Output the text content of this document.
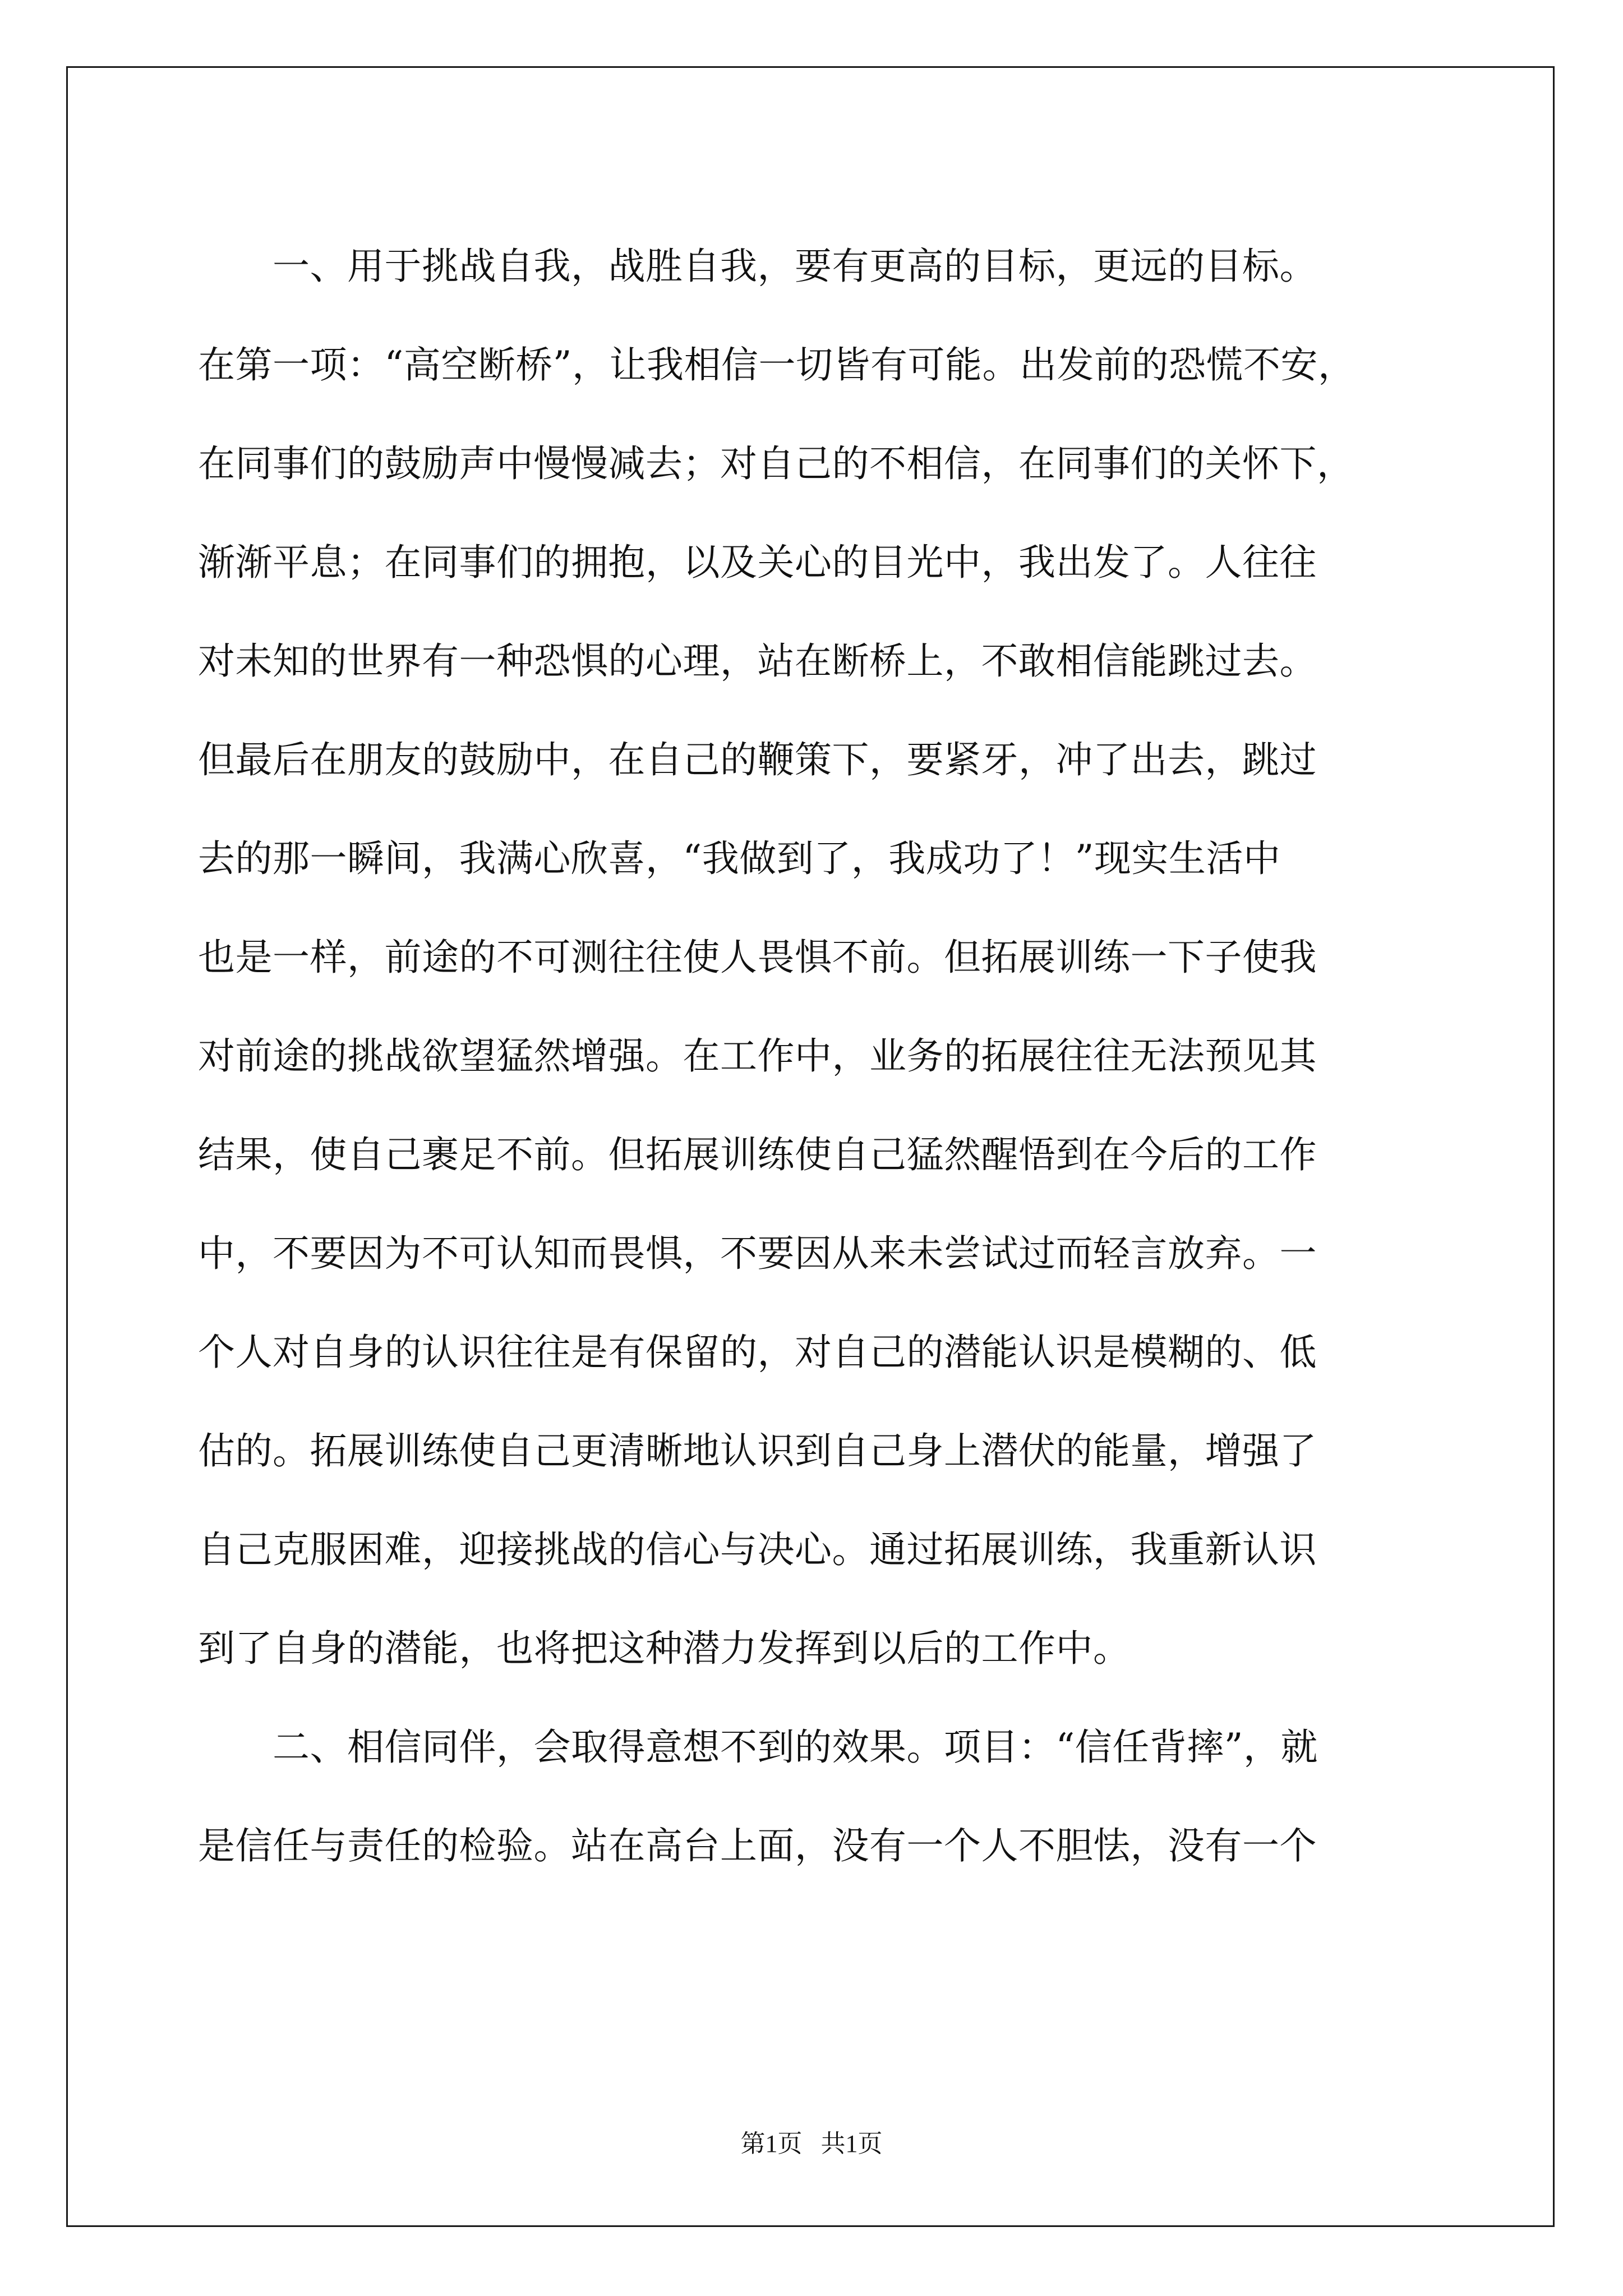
　　一、用于挑战自我，战胜自我，要有更高的目标，更远的目标。
在第一项：“高空断桥”，让我相信一切皆有可能。出发前的恐慌不安，
在同事们的鼓励声中慢慢减去；对自己的不相信，在同事们的关怀下，
渐渐平息；在同事们的拥抱，以及关心的目光中，我出发了。人往往
对未知的世界有一种恐惧的心理，站在断桥上，不敢相信能跳过去。
但最后在朋友的鼓励中，在自己的鞭策下，要紧牙，冲了出去，跳过
去的那一瞬间，我满心欣喜，“我做到了，我成功了！”现实生活中
也是一样，前途的不可测往往使人畏惧不前。但拓展训练一下子使我
对前途的挑战欲望猛然增强。在工作中，业务的拓展往往无法预见其
结果，使自己裹足不前。但拓展训练使自己猛然醒悟到在今后的工作
中，不要因为不可认知而畏惧，不要因从来未尝试过而轻言放弃。一
个人对自身的认识往往是有保留的，对自己的潜能认识是模糊的、低
估的。拓展训练使自己更清晰地认识到自己身上潜伏的能量，增强了
自己克服困难，迎接挑战的信心与决心。通过拓展训练，我重新认识
到了自身的潜能，也将把这种潜力发挥到以后的工作中。
　　二、相信同伴，会取得意想不到的效果。项目：“信任背摔”，就
是信任与责任的检验。站在高台上面，没有一个人不胆怯，没有一个
第1页   共1页
